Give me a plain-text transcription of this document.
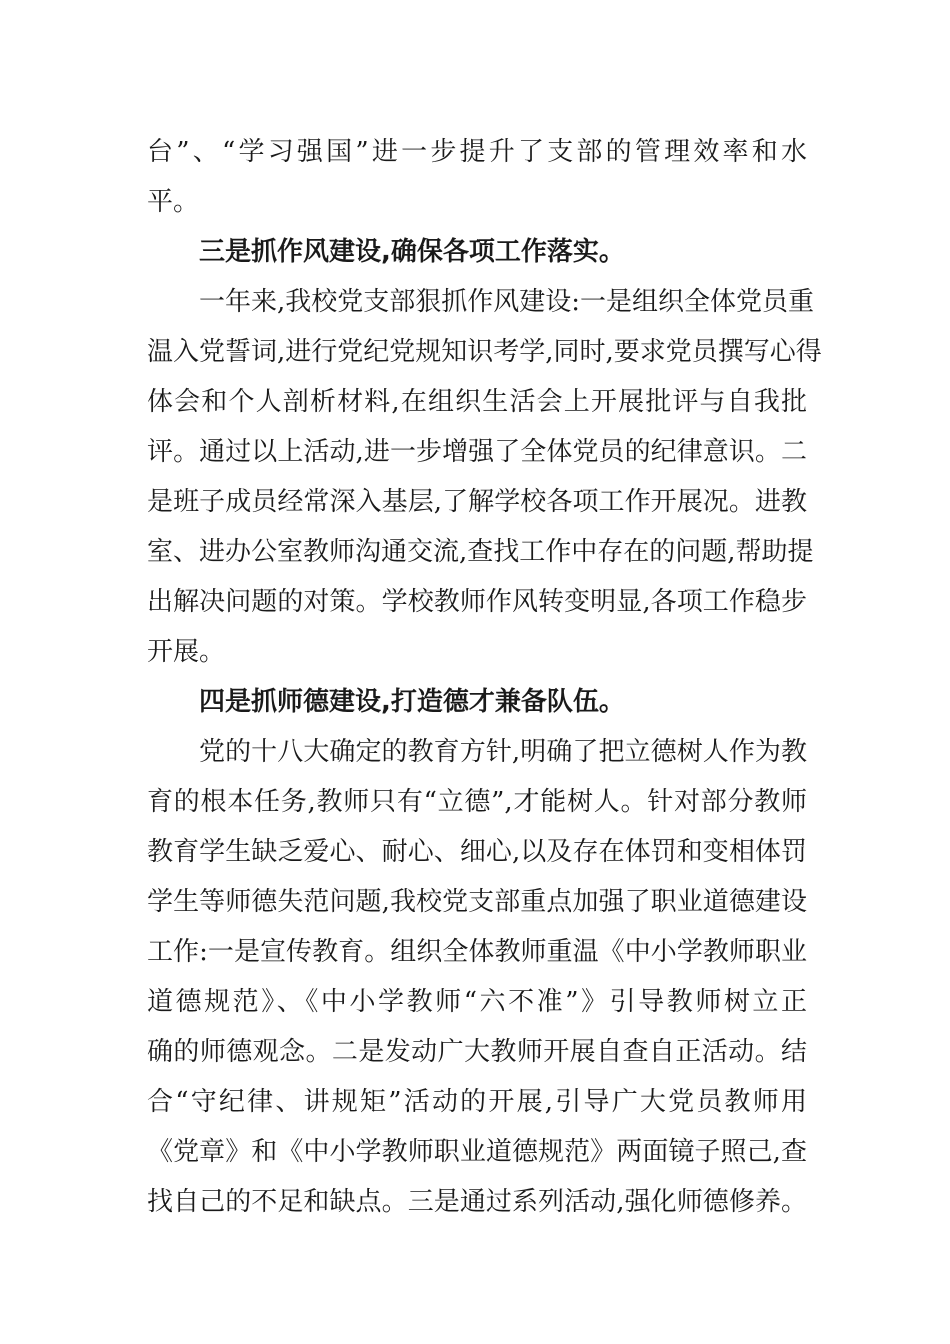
台”、“学习强国”进一步提升了支部的管理效率和水
平。
三是抓作风建设,确保各项工作落实。
一年来,我校党支部狠抓作风建设:一是组织全体党员重
温入党誓词,进行党纪党规知识考学,同时,要求党员撰写心得
体会和个人剖析材料,在组织生活会上开展批评与自我批
评。通过以上活动,进一步增强了全体党员的纪律意识。二
是班子成员经常深入基层,了解学校各项工作开展况。进教
室、进办公室教师沟通交流,查找工作中存在的问题,帮助提
出解决问题的对策。学校教师作风转变明显,各项工作稳步
开展。
四是抓师德建设,打造德才兼备队伍。
党的十八大确定的教育方针,明确了把立德树人作为教
育的根本任务,教师只有“立德”,才能树人。针对部分教师
教育学生缺乏爱心、耐心、细心,以及存在体罚和变相体罚
学生等师德失范问题,我校党支部重点加强了职业道德建设
工作:一是宣传教育。组织全体教师重温《中小学教师职业
道德规范》、《中小学教师“六不准”》引导教师树立正
确的师德观念。二是发动广大教师开展自查自正活动。结
合“守纪律、讲规矩”活动的开展,引导广大党员教师用
《党章》和《中小学教师职业道德规范》两面镜子照己,查
找自己的不足和缺点。三是通过系列活动,强化师德修养。
